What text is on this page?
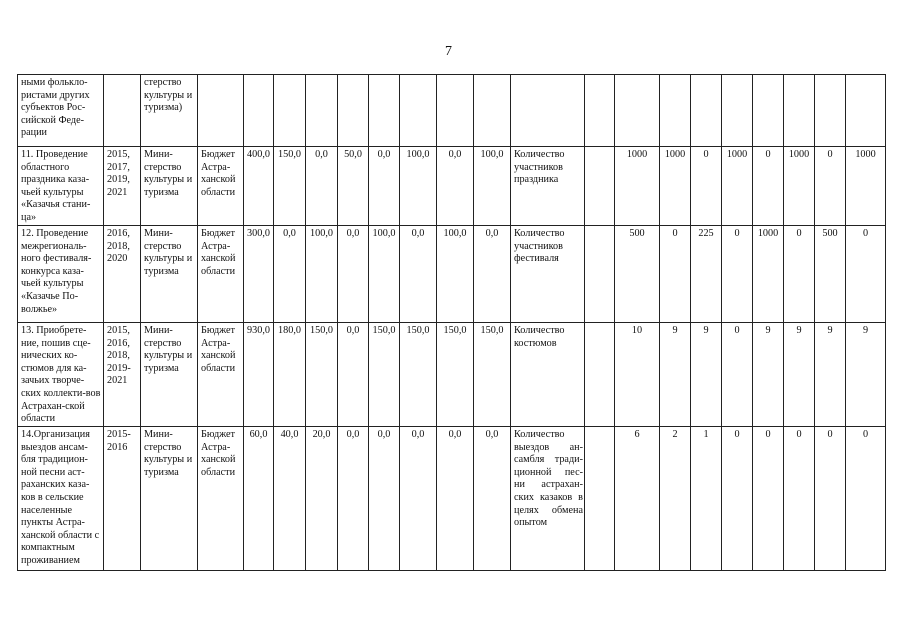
7
ными фолькло-ристами других субъектов Рос-сийской Феде-рации		стерство культуры и туризма)																			
11. Проведение областного праздника каза-чьей культуры «Казачья стани-ца»	2015, 2017, 2019, 2021	Мини-стерство культуры и туризма	Бюджет Астра-ханской области	400,0	150,0	0,0	50,0	0,0	100,0	0,0	100,0	Количество участников праздника		1000	1000	0	1000	0	1000	0	1000
12. Проведение межрегиональ-ного фестиваля-конкурса каза-чьей культуры «Казачье По-волжье»	2016, 2018, 2020	Мини-стерство культуры и туризма	Бюджет Астра-ханской области	300,0	0,0	100,0	0,0	100,0	0,0	100,0	0,0	Количество участников фестиваля		500	0	225	0	1000	0	500	0
13. Приобрете-ние, пошив сце-нических ко-стюмов для ка-зачьих творче-ских коллекти-вов Астрахан-ской области	2015, 2016, 2018, 2019-2021	Мини-стерство культуры и туризма	Бюджет Астра-ханской области	930,0	180,0	150,0	0,0	150,0	150,0	150,0	150,0	Количество костюмов		10	9	9	0	9	9	9	9
14.Организация выездов ансам-бля традицион-ной песни аст-раханских каза-ков в сельские населенные пункты Астра-ханской области с компактным проживанием	2015-2016	Мини-стерство культуры и туризма	Бюджет Астра-ханской области	60,0	40,0	20,0	0,0	0,0	0,0	0,0	0,0	Количество выездов ан-самбля тради-ционной пес-ни астрахан-ских казаков в целях обмена опытом		6	2	1	0	0	0	0	0
